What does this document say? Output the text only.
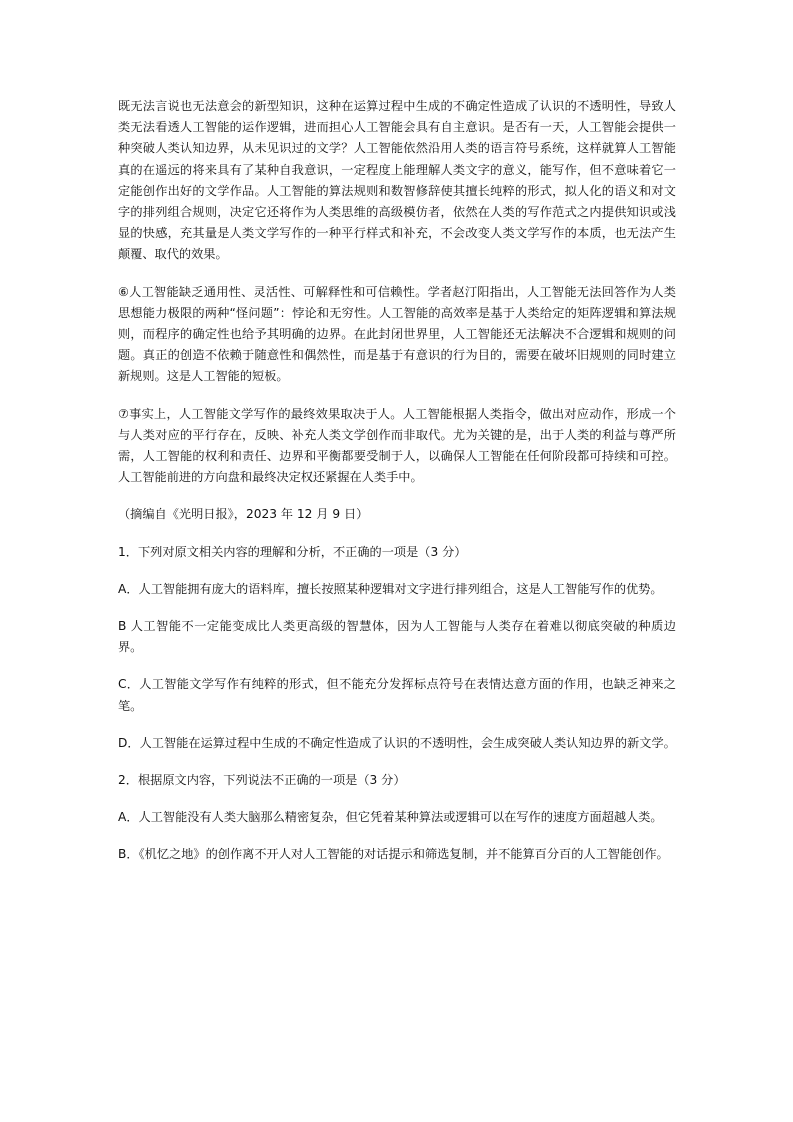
既无法言说也无法意会的新型知识，这种在运算过程中生成的不确定性造成了认识的不透明性，导致人类无法看透人工智能的运作逻辑，进而担心人工智能会具有自主意识。是否有一天，人工智能会提供一种突破人类认知边界，从未见识过的文学？人工智能依然沿用人类的语言符号系统，这样就算人工智能真的在遥远的将来具有了某种自我意识，一定程度上能理解人类文字的意义，能写作，但不意味着它一定能创作出好的文学作品。人工智能的算法规则和数智修辞使其擅长纯粹的形式，拟人化的语义和对文字的排列组合规则，决定它还将作为人类思维的高级模仿者，依然在人类的写作范式之内提供知识或浅显的快感，充其量是人类文学写作的一种平行样式和补充，不会改变人类文学写作的本质，也无法产生颠覆、取代的效果。

⑥人工智能缺乏通用性、灵活性、可解释性和可信赖性。学者赵汀阳指出，人工智能无法回答作为人类思想能力极限的两种“怪问题”：悖论和无穷性。人工智能的高效率是基于人类给定的矩阵逻辑和算法规则，而程序的确定性也给予其明确的边界。在此封闭世界里，人工智能还无法解决不合逻辑和规则的问题。真正的创造不依赖于随意性和偶然性，而是基于有意识的行为目的，需要在破坏旧规则的同时建立新规则。这是人工智能的短板。

⑦事实上，人工智能文学写作的最终效果取决于人。人工智能根据人类指令，做出对应动作，形成一个与人类对应的平行存在，反映、补充人类文学创作而非取代。尤为关键的是，出于人类的利益与尊严所需，人工智能的权利和责任、边界和平衡都要受制于人，以确保人工智能在任何阶段都可持续和可控。人工智能前进的方向盘和最终决定权还紧握在人类手中。

（摘编自《光明日报》，2023 年 12 月 9 日）

1．下列对原文相关内容的理解和分析，不正确的一项是（3 分）

A．人工智能拥有庞大的语料库，擅长按照某种逻辑对文字进行排列组合，这是人工智能写作的优势。

B 人工智能不一定能变成比人类更高级的智慧体，因为人工智能与人类存在着难以彻底突破的种质边界。

C．人工智能文学写作有纯粹的形式，但不能充分发挥标点符号在表情达意方面的作用，也缺乏神来之笔。

D．人工智能在运算过程中生成的不确定性造成了认识的不透明性，会生成突破人类认知边界的新文学。

2．根据原文内容，下列说法不正确的一项是（3 分）

A．人工智能没有人类大脑那么精密复杂，但它凭着某种算法或逻辑可以在写作的速度方面超越人类。

B．《机忆之地》的创作离不开人对人工智能的对话提示和筛选复制，并不能算百分百的人工智能创作。
